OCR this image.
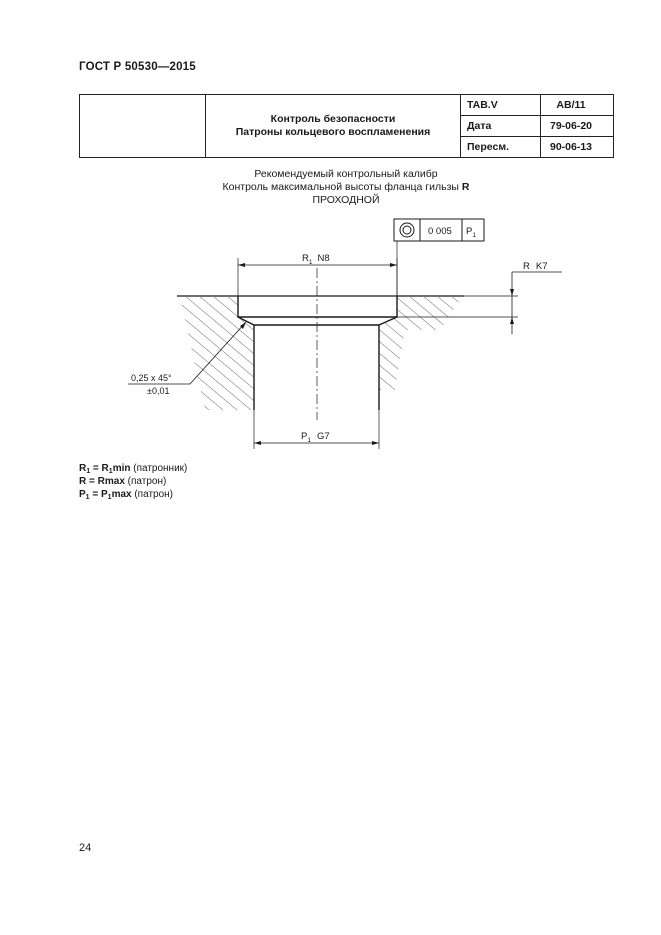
ГОСТ Р 50530—2015
	Контроль безопасности
Патроны кольцевого воспламенения	TAB.V	AB/11
		Дата	79-06-20
		Пересм.	90-06-13
Рекомендуемый контрольный калибр
Контроль максимальной высоты фланца гильзы R
ПРОХОДНОЙ
0 005 $P_1$
$R_1$ N8
R K7
$P_1$ G7
0,25 x 45°
±0,01
$R_1 = R_1\min$ (патронник)
R = Rmax (патрон)
$P_1 = P_1\max$ (патрон)
24
